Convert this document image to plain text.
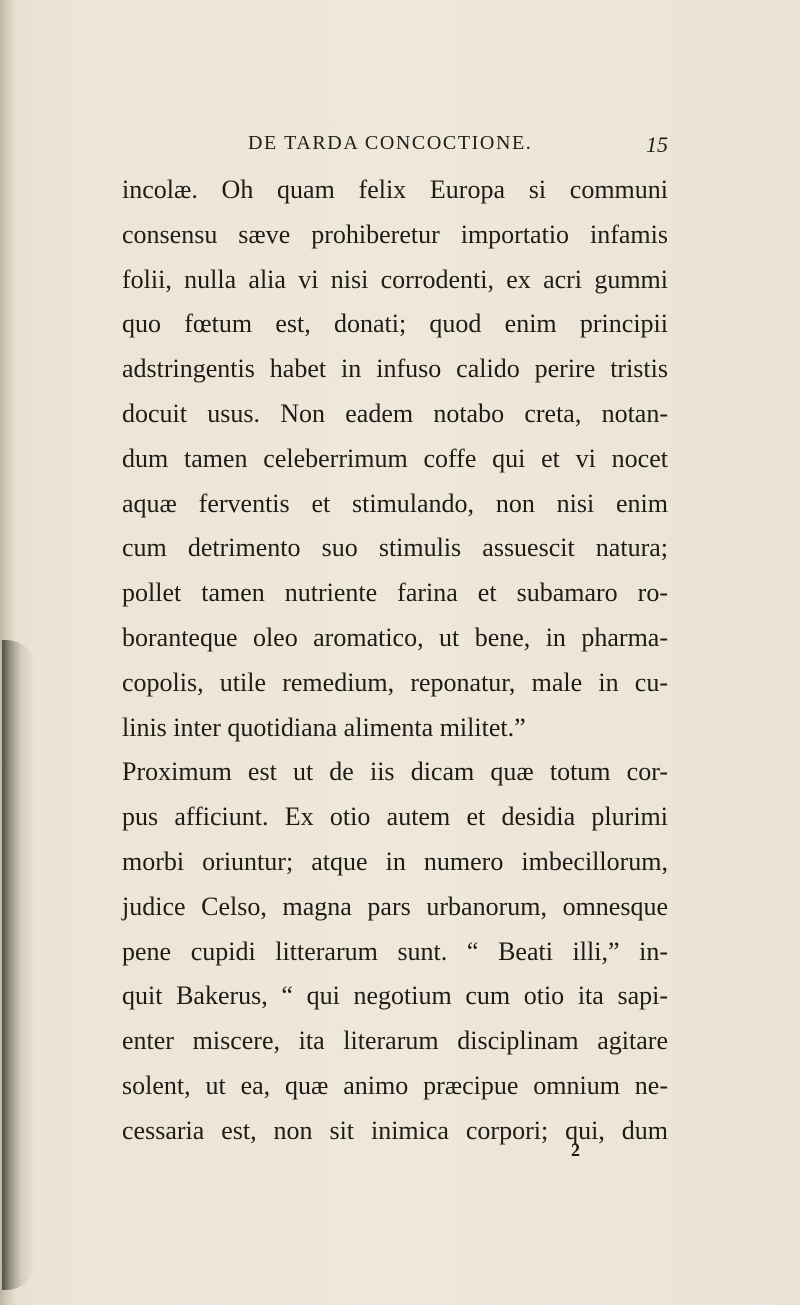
DE TARDA CONCOCTIONE.	15
incolæ. Oh quam felix Europa si communi
consensu sæve prohiberetur importatio infamis
folii, nulla alia vi nisi corrodenti, ex acri gummi
quo fœtum est, donati; quod enim principii
adstringentis habet in infuso calido perire tristis
docuit usus. Non eadem notabo creta, notan-
dum tamen celeberrimum coffe qui et vi nocet
aquæ ferventis et stimulando, non nisi enim
cum detrimento suo stimulis assuescit natura;
pollet tamen nutriente farina et subamaro ro-
boranteque oleo aromatico, ut bene, in pharma-
copolis, utile remedium, reponatur, male in cu-
linis inter quotidiana alimenta militet.”
Proximum est ut de iis dicam quæ totum cor-
pus afficiunt. Ex otio autem et desidia plurimi
morbi oriuntur; atque in numero imbecillorum,
judice Celso, magna pars urbanorum, omnesque
pene cupidi litterarum sunt. “ Beati illi,” in-
quit Bakerus, “ qui negotium cum otio ita sapi-
enter miscere, ita literarum disciplinam agitare
solent, ut ea, quæ animo præcipue omnium ne-
cessaria est, non sit inimica corpori; qui, dum
2
